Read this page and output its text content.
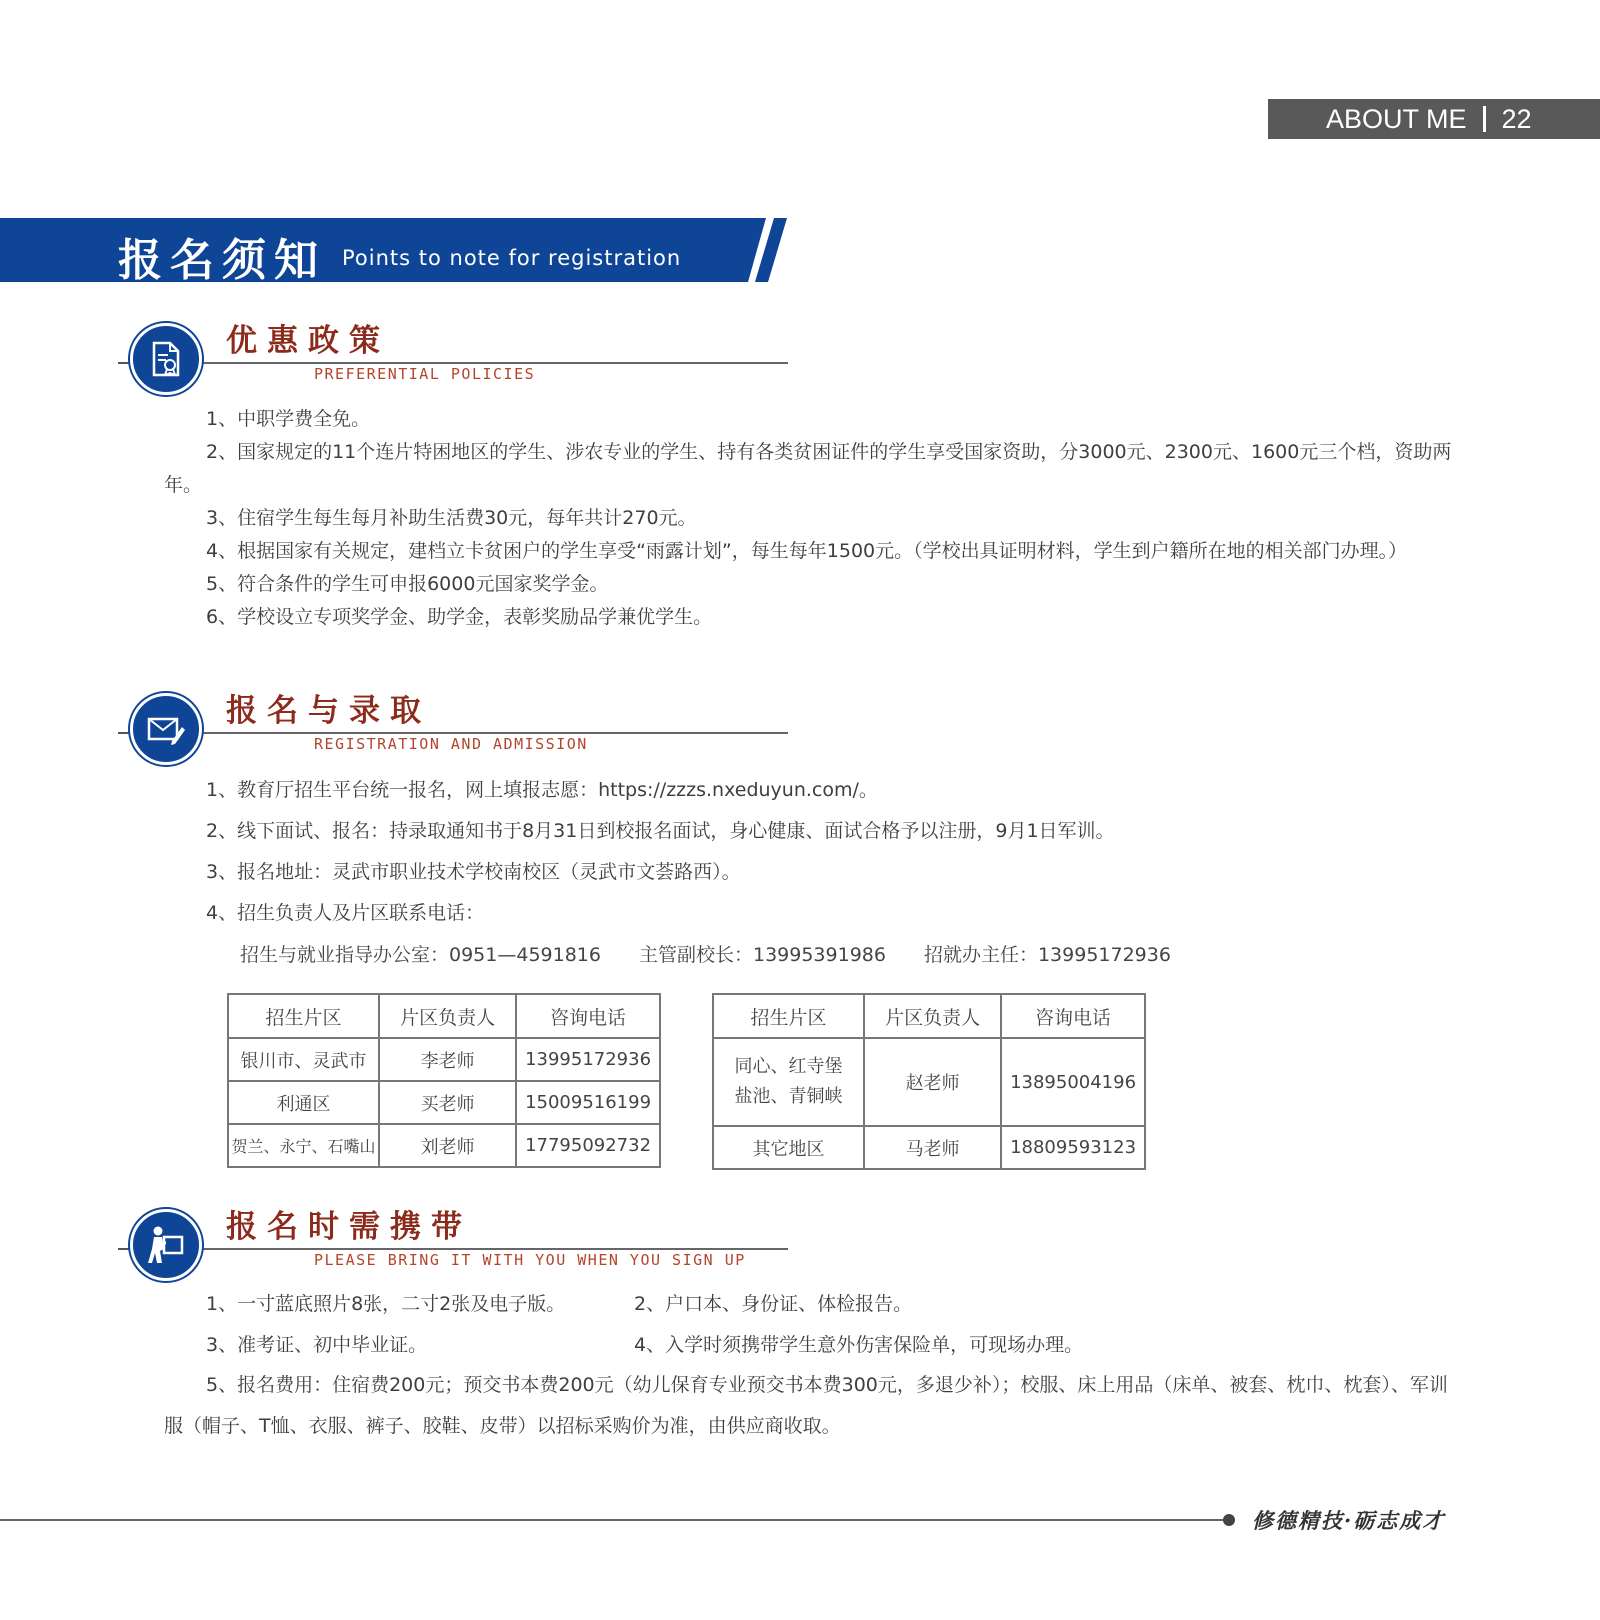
ABOUT ME 22
报名须知 Points to note for registration
优惠政策
PREFERENTIAL POLICIES

1、中职学费全免。

2、国家规定的11个连片特困地区的学生、涉农专业的学生、持有各类贫困证件的学生享受国家资助，分3000元、2300元、1600元三个档，资助两年。

3、住宿学生每生每月补助生活费30元，每年共计270元。

4、根据国家有关规定，建档立卡贫困户的学生享受“雨露计划”，每生每年1500元。（学校出具证明材料，学生到户籍所在地的相关部门办理。）

5、符合条件的学生可申报6000元国家奖学金。

6、学校设立专项奖学金、助学金，表彰奖励品学兼优学生。

报名与录取
REGISTRATION AND ADMISSION
1、教育厅招生平台统一报名，网上填报志愿：https://zzzs.nxeduyun.com/。
2、线下面试、报名：持录取通知书于8月31日到校报名面试，身心健康、面试合格予以注册，9月1日军训。
3、报名地址：灵武市职业技术学校南校区（灵武市文荟路西）。
4、招生负责人及片区联系电话：
招生与就业指导办公室：0951—4591816 主管副校长：13995391986 招就办主任：13995172936
招生片区	片区负责人	咨询电话
银川市、灵武市	李老师	13995172936
利通区	买老师	15009516199
贺兰、永宁、石嘴山	刘老师	17795092732
招生片区	片区负责人	咨询电话

同心、红寺堡
盐池、青铜峡	赵老师	13895004196
其它地区	马老师	18809593123
报名时需携带
PLEASE BRING IT WITH YOU WHEN YOU SIGN UP
1、一寸蓝底照片8张，二寸2张及电子版。	2、户口本、身份证、体检报告。
3、准考证、初中毕业证。	4、入学时须携带学生意外伤害保险单，可现场办理。

5、报名费用：住宿费200元；预交书本费200元（幼儿保育专业预交书本费300元，多退少补）；校服、床上用品（床单、被套、枕巾、枕套）、军训服（帽子、T恤、衣服、裤子、胶鞋、皮带）以招标采购价为准，由供应商收取。

修德精技·砺志成才
